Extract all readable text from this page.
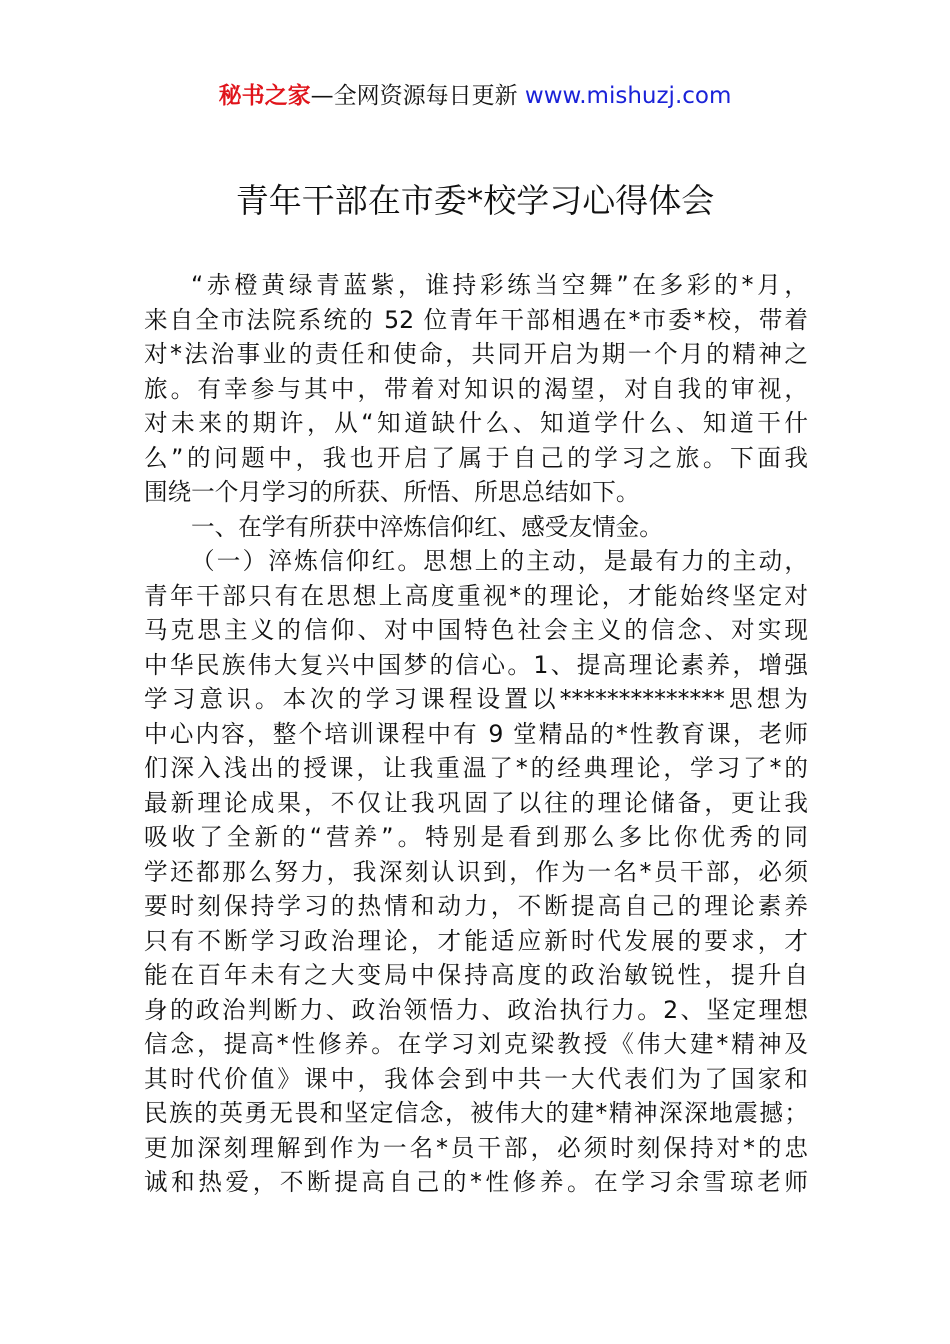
秘书之家—全网资源每日更新 www.mishuzj.com
青年干部在市委*校学习心得体会
“赤橙黄绿青蓝紫，谁持彩练当空舞”在多彩的*月，
来自全市法院系统的 52 位青年干部相遇在*市委*校，带着
对*法治事业的责任和使命，共同开启为期一个月的精神之
旅。有幸参与其中，带着对知识的渴望，对自我的审视，
对未来的期许，从“知道缺什么、知道学什么、知道干什
么”的问题中，我也开启了属于自己的学习之旅。下面我
围绕一个月学习的所获、所悟、所思总结如下。
一、在学有所获中淬炼信仰红、感受友情金。
（一）淬炼信仰红。思想上的主动，是最有力的主动，
青年干部只有在思想上高度重视*的理论，才能始终坚定对
马克思主义的信仰、对中国特色社会主义的信念、对实现
中华民族伟大复兴中国梦的信心。1、提高理论素养，增强
学习意识。本次的学习课程设置以**************思想为
中心内容，整个培训课程中有 9 堂精品的*性教育课，老师
们深入浅出的授课，让我重温了*的经典理论，学习了*的
最新理论成果，不仅让我巩固了以往的理论储备，更让我
吸收了全新的“营养”。特别是看到那么多比你优秀的同
学还都那么努力，我深刻认识到，作为一名*员干部，必须
要时刻保持学习的热情和动力，不断提高自己的理论素养
只有不断学习政治理论，才能适应新时代发展的要求，才
能在百年未有之大变局中保持高度的政治敏锐性，提升自
身的政治判断力、政治领悟力、政治执行力。2、坚定理想
信念，提高*性修养。在学习刘克梁教授《伟大建*精神及
其时代价值》课中，我体会到中共一大代表们为了国家和
民族的英勇无畏和坚定信念，被伟大的建*精神深深地震撼；
更加深刻理解到作为一名*员干部，必须时刻保持对*的忠
诚和热爱，不断提高自己的*性修养。在学习余雪琼老师
